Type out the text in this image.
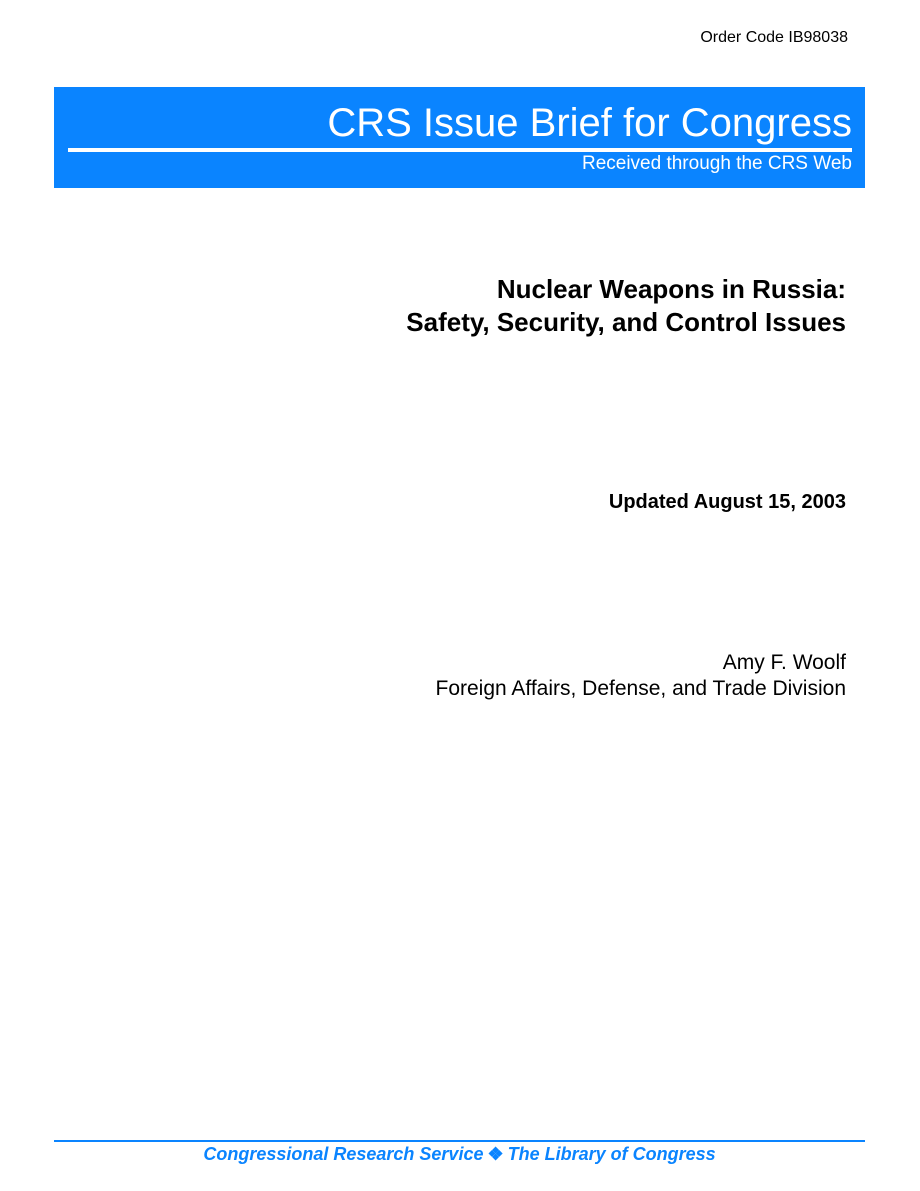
Order Code IB98038
CRS Issue Brief for Congress
Received through the CRS Web
Nuclear Weapons in Russia:
Safety, Security, and Control Issues
Updated August 15, 2003
Amy F. Woolf
Foreign Affairs, Defense, and Trade Division
Congressional Research Service ❖ The Library of Congress
